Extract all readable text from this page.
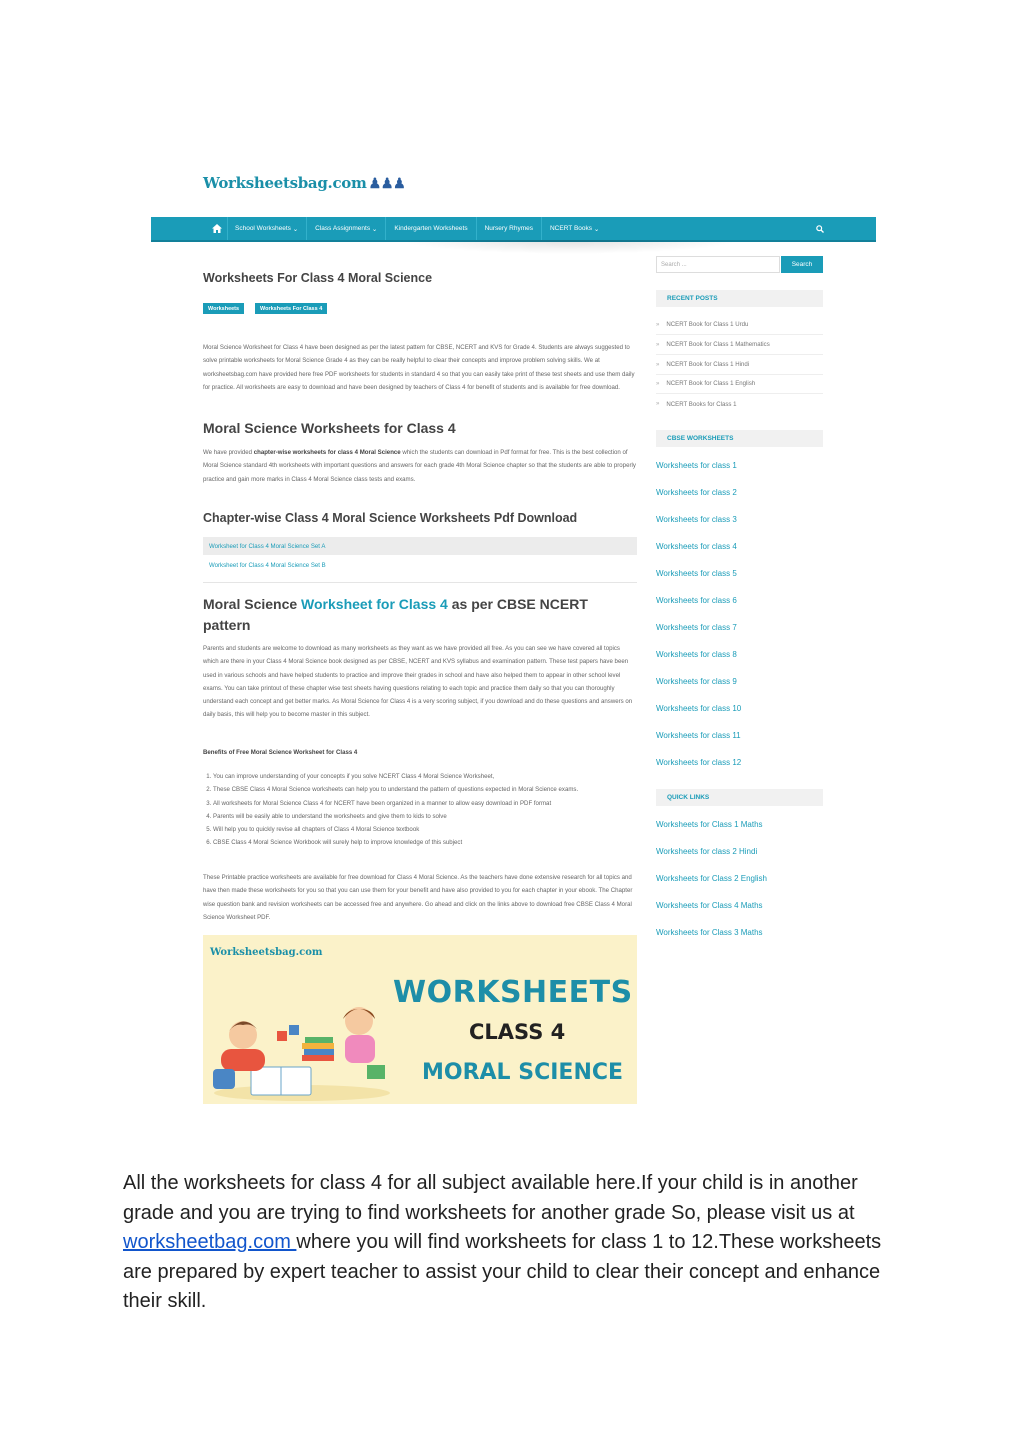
Worksheetsbag.com ♟♟♟
School Worksheets
⌄	Class Assignments
⌄	Kindergarten Worksheets	Nursery Rhymes	NCERT Books
⌄
Worksheets For Class 4 Moral Science
Worksheets	Worksheets For Class 4
Moral Science Worksheet for Class 4 have been designed as per the latest pattern for CBSE, NCERT and KVS for Grade 4. Students are always suggested to solve printable worksheets for Moral Science Grade 4 as they can be really helpful to clear their concepts and improve problem solving skills. We at worksheetsbag.com have provided here free PDF worksheets for students in standard 4 so that you can easily take print of these test sheets and use them daily for practice. All worksheets are easy to download and have been designed by teachers of Class 4 for benefit of students and is available for free download.
Moral Science Worksheets for Class 4
We have provided chapter-wise worksheets for class 4 Moral Science which the students can download in Pdf format for free. This is the best collection of Moral Science standard 4th worksheets with important questions and answers for each grade 4th Moral Science chapter so that the students are able to properly practice and gain more marks in Class 4 Moral Science class tests and exams.
Chapter-wise Class 4 Moral Science Worksheets Pdf Download
Worksheet for Class 4 Moral Science Set A
Worksheet for Class 4 Moral Science Set B
Moral Science Worksheet for Class 4 as per CBSE NCERT pattern
Parents and students are welcome to download as many worksheets as they want as we have provided all free. As you can see we have covered all topics which are there in your Class 4 Moral Science book designed as per CBSE, NCERT and KVS syllabus and examination pattern. These test papers have been used in various schools and have helped students to practice and improve their grades in school and have also helped them to appear in other school level exams. You can take printout of these chapter wise test sheets having questions relating to each topic and practice them daily so that you can thoroughly understand each concept and get better marks. As Moral Science for Class 4 is a very scoring subject, if you download and do these questions and answers on daily basis, this will help you to become master in this subject.
Benefits of Free Moral Science Worksheet for Class 4
1. You can improve understanding of your concepts if you solve NCERT Class 4 Moral Science Worksheet,
2. These CBSE Class 4 Moral Science worksheets can help you to understand the pattern of questions expected in Moral Science exams.
3. All worksheets for Moral Science Class 4 for NCERT have been organized in a manner to allow easy download in PDF format
4. Parents will be easily able to understand the worksheets and give them to kids to solve
5. Will help you to quickly revise all chapters of Class 4 Moral Science textbook
6. CBSE Class 4 Moral Science Workbook will surely help to improve knowledge of this subject
These Printable practice worksheets are available for free download for Class 4 Moral Science. As the teachers have done extensive research for all topics and have then made these worksheets for you so that you can use them for your benefit and have also provided to you for each chapter in your ebook. The Chapter wise question bank and revision worksheets can be accessed free and anywhere. Go ahead and click on the links above to download free CBSE Class 4 Moral Science Worksheet PDF.
Worksheetsbag.com
WORKSHEETS
CLASS 4
MORAL SCIENCE
Search ...	Search
RECENT POSTS
» NCERT Book for Class 1 Urdu
» NCERT Book for Class 1 Mathematics
» NCERT Book for Class 1 Hindi
» NCERT Book for Class 1 English
» NCERT Books for Class 1
CBSE WORKSHEETS
Worksheets for class 1
Worksheets for class 2
Worksheets for class 3
Worksheets for class 4
Worksheets for class 5
Worksheets for class 6
Worksheets for class 7
Worksheets for class 8
Worksheets for class 9
Worksheets for class 10
Worksheets for class 11
Worksheets for class 12
QUICK LINKS
Worksheets for Class 1 Maths
Worksheets for class 2 Hindi
Worksheets for Class 2 English
Worksheets for Class 4 Maths
Worksheets for Class 3 Maths
All the worksheets for class 4 for all subject available here.If your child is in another grade and you are trying to find worksheets for another grade So, please visit us at worksheetbag.com where you will find worksheets for class 1 to 12.These worksheets are prepared by expert teacher to assist your child to clear their concept and enhance their skill.
